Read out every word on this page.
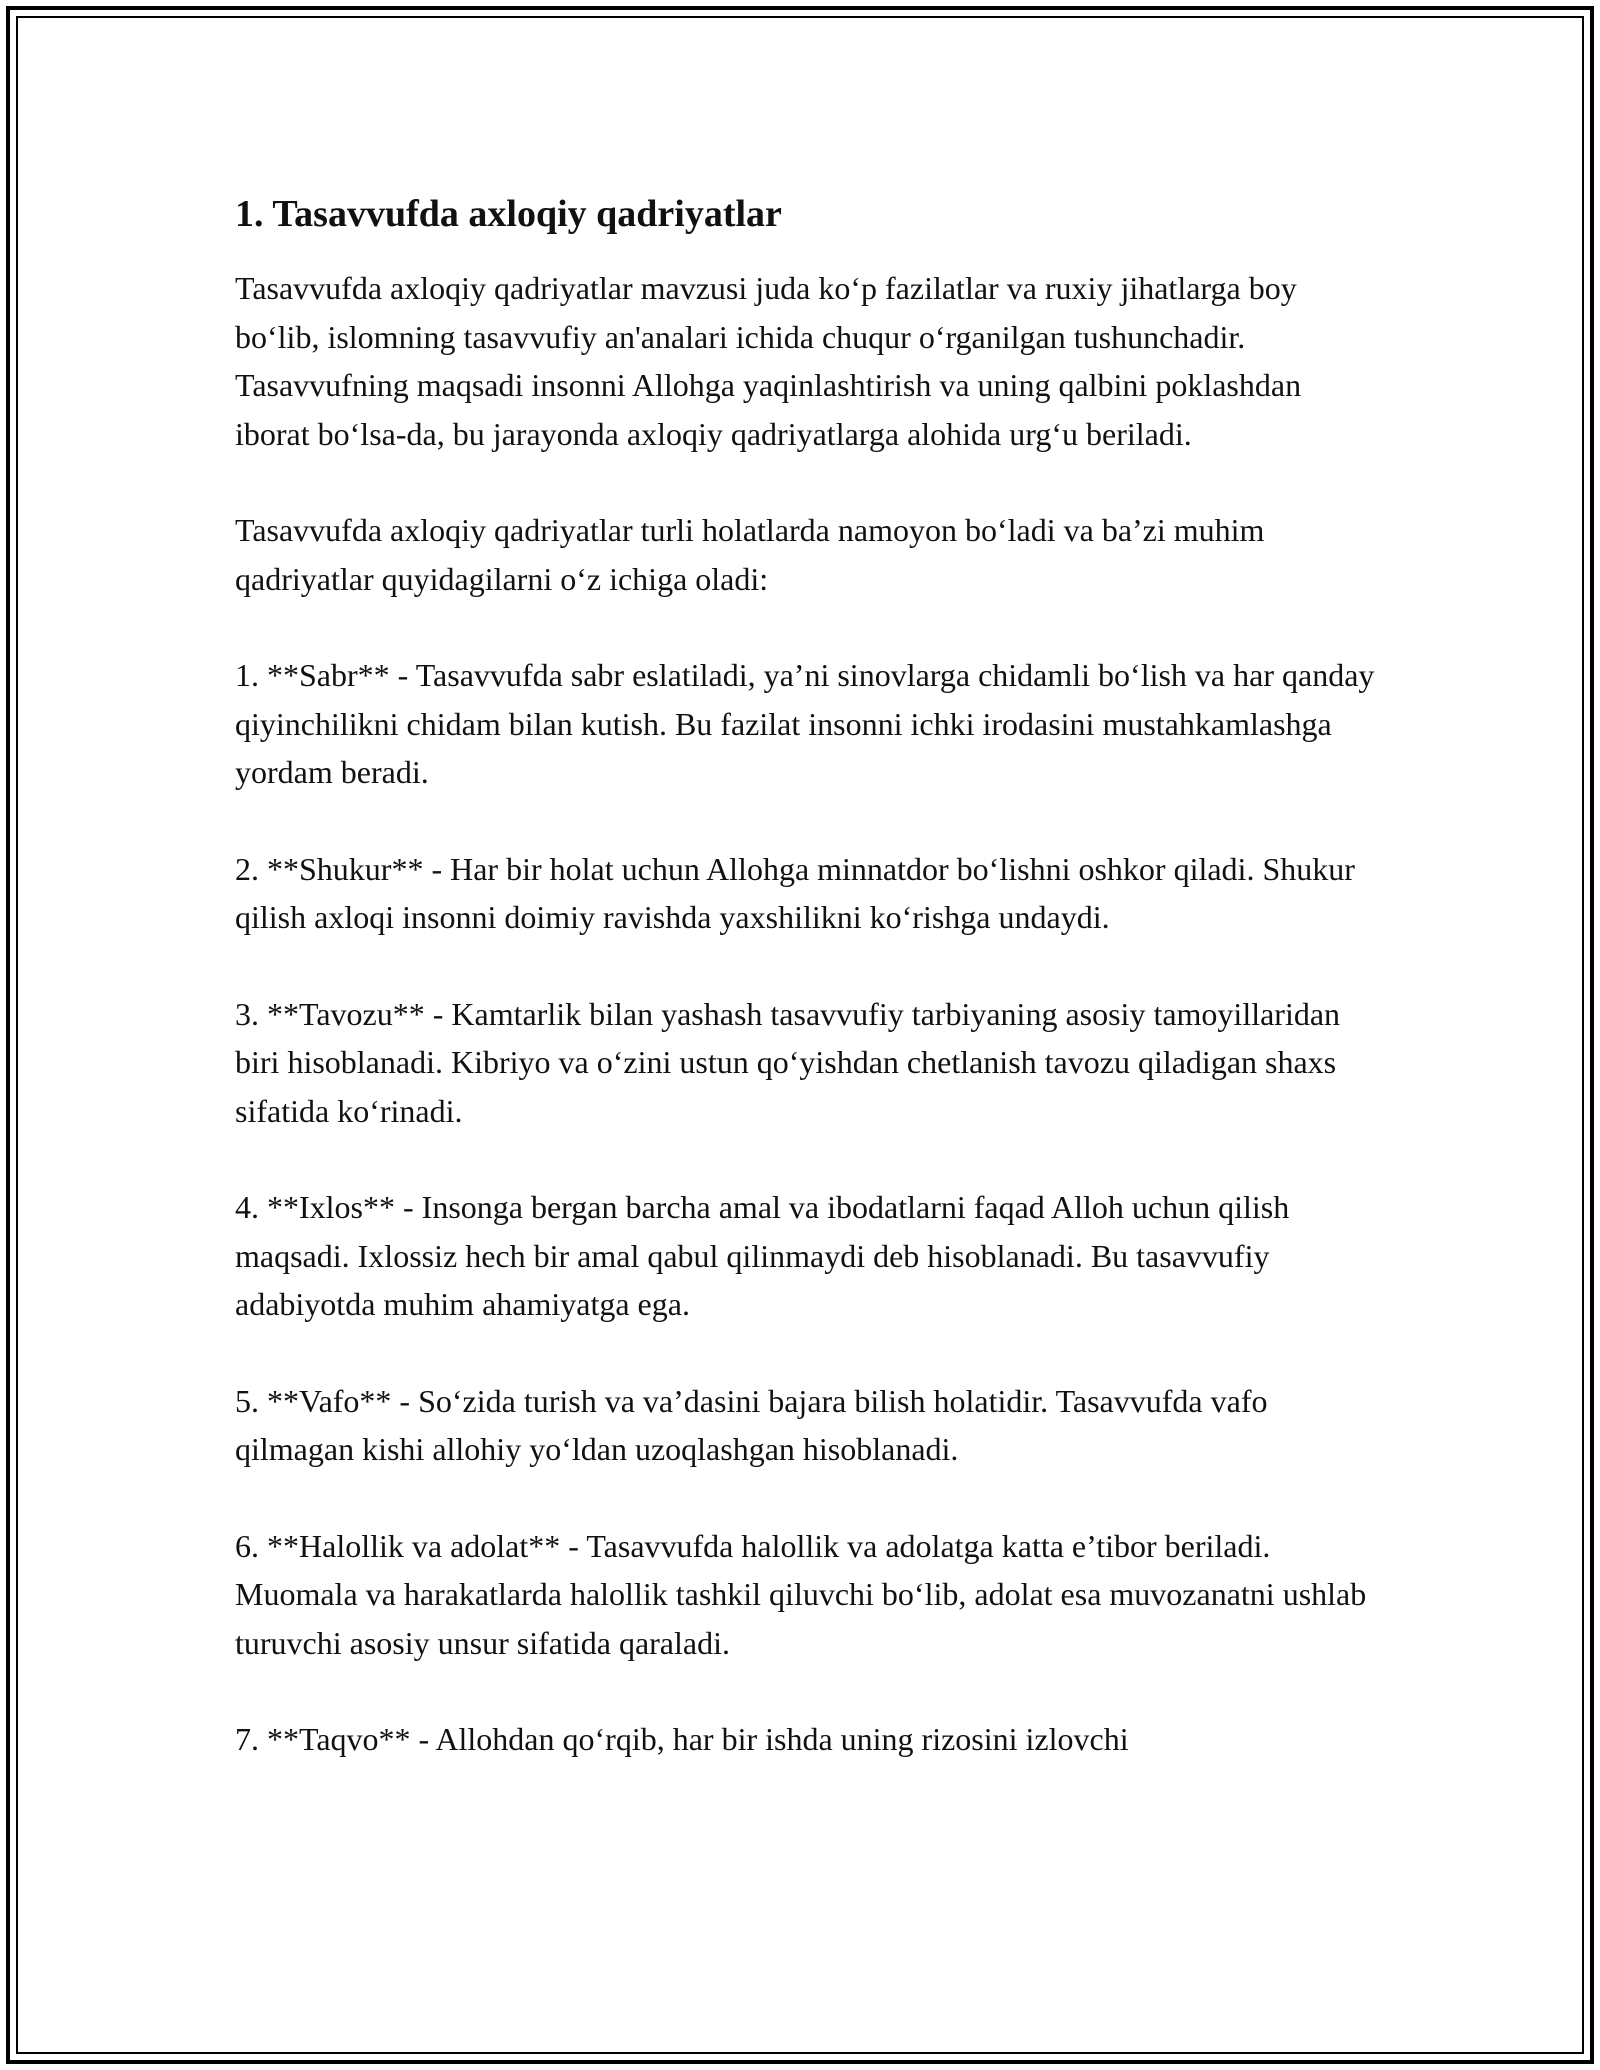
1. Tasavvufda axloqiy qadriyatlar

Tasavvufda axloqiy qadriyatlar mavzusi juda ko‘p fazilatlar va ruxiy jihatlarga boy bo‘lib, islomning tasavvufiy an'analari ichida chuqur o‘rganilgan tushunchadir. Tasavvufning maqsadi insonni Allohga yaqinlashtirish va uning qalbini poklashdan iborat bo‘lsa-da, bu jarayonda axloqiy qadriyatlarga alohida urg‘u beriladi.

Tasavvufda axloqiy qadriyatlar turli holatlarda namoyon bo‘ladi va ba’zi muhim qadriyatlar quyidagilarni o‘z ichiga oladi:

1. **Sabr** - Tasavvufda sabr eslatiladi, ya’ni sinovlarga chidamli bo‘lish va har qanday qiyinchilikni chidam bilan kutish. Bu fazilat insonni ichki irodasini mustahkamlashga yordam beradi.

2. **Shukur** - Har bir holat uchun Allohga minnatdor bo‘lishni oshkor qiladi. Shukur qilish axloqi insonni doimiy ravishda yaxshilikni ko‘rishga undaydi.

3. **Tavozu** - Kamtarlik bilan yashash tasavvufiy tarbiyaning asosiy tamoyillaridan biri hisoblanadi. Kibriyo va o‘zini ustun qo‘yishdan chetlanish tavozu qiladigan shaxs sifatida ko‘rinadi.

4. **Ixlos** - Insonga bergan barcha amal va ibodatlarni faqad Alloh uchun qilish maqsadi. Ixlossiz hech bir amal qabul qilinmaydi deb hisoblanadi. Bu tasavvufiy adabiyotda muhim ahamiyatga ega.

5. **Vafo** - So‘zida turish va va’dasini bajara bilish holatidir. Tasavvufda vafo qilmagan kishi allohiy yo‘ldan uzoqlashgan hisoblanadi.

6. **Halollik va adolat** - Tasavvufda halollik va adolatga katta e’tibor beriladi. Muomala va harakatlarda halollik tashkil qiluvchi bo‘lib, adolat esa muvozanatni ushlab turuvchi asosiy unsur sifatida qaraladi.

7. **Taqvo** - Allohdan qo‘rqib, har bir ishda uning rizosini izlovchi
